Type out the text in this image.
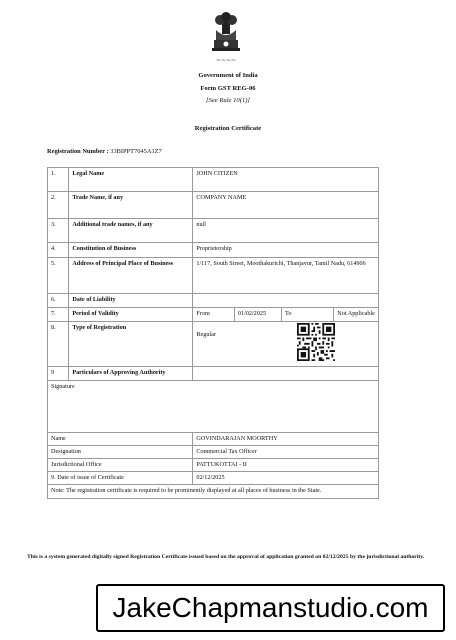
~~~~
Government of India
Form GST REG-06
[See Rule 10(1)]
Registration Certificate
Registration Number : 33BIPPT7045A1Z7
1.	Legal Name	JOHN CITIZEN			
2.	Trade Name, if any	COMPANY NAME			
3.	Additional trade names, if any	null			
4.	Constitution of Business	Proprietorship			
5.	Address of Principal Place of Business	1/117, South Street, Moothakurichi, Thanjavur, Tamil Nadu, 614906			
6.	Date of Liability				
7.	Period of Validity	From	01/02/2025	To	Not Applicable
8.	Type of Registration	Regular			

9	Particulars of Approving Authority				
Signature					
Name		GOVINDARAJAN MOORTHY			
Designation		Commercial Tax Officer			
Jurisdictional Office		PATTUKOTTAI - II			
9. Date of issue of Certificate		02/12/2025			
Note: The registration certificate is required to be prominently displayed at all places of business in the State.					
This is a system generated digitally signed Registration Certificate issued based on the approval of application granted on 02/12/2025 by the jurisdictional authority.
JakeChapmanstudio.com
